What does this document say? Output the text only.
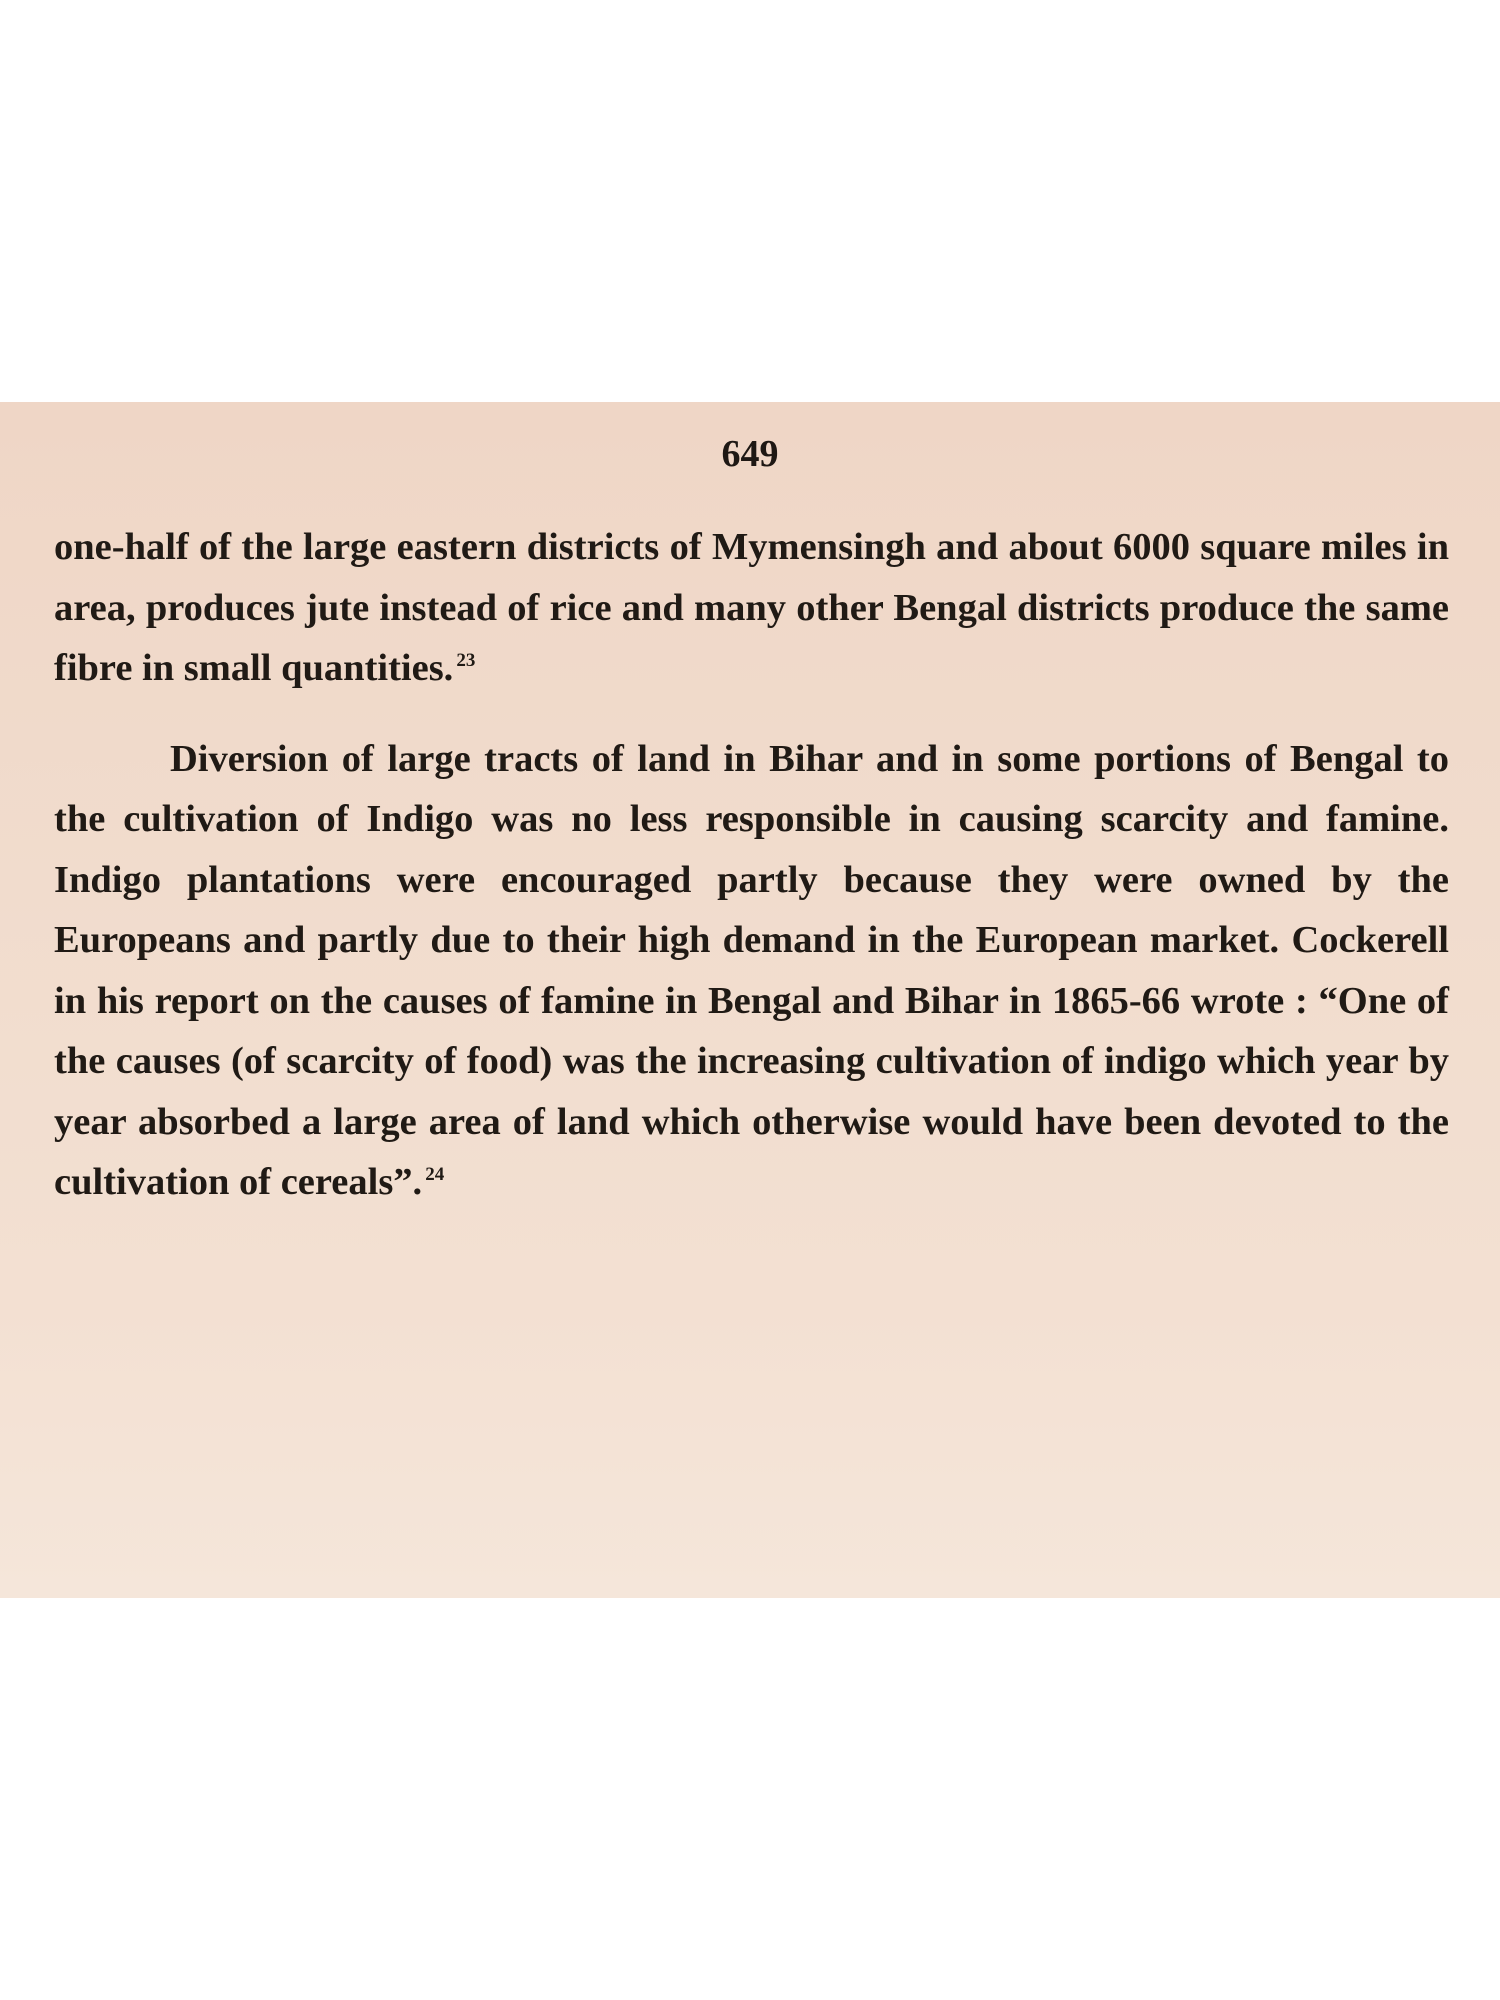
649

one-half of the large eastern districts of Mymensingh and about 6000 square miles in area, produces jute instead of rice and many other Bengal districts produce the same fibre in small quantities. $^{23}$

Diversion of large tracts of land in Bihar and in some portions of Bengal to the cultivation of Indigo was no less responsible in causing scarcity and famine. Indigo plantations were encouraged partly because they were owned by the Europeans and partly due to their high demand in the European market. Cockerell in his report on the causes of famine in Bengal and Bihar in 1865-66 wrote : “One of the causes (of scarcity of food) was the increasing cultivation of indigo which year by year absorbed a large area of land which otherwise would have been devoted to the cultivation of cereals”. $^{24}$
